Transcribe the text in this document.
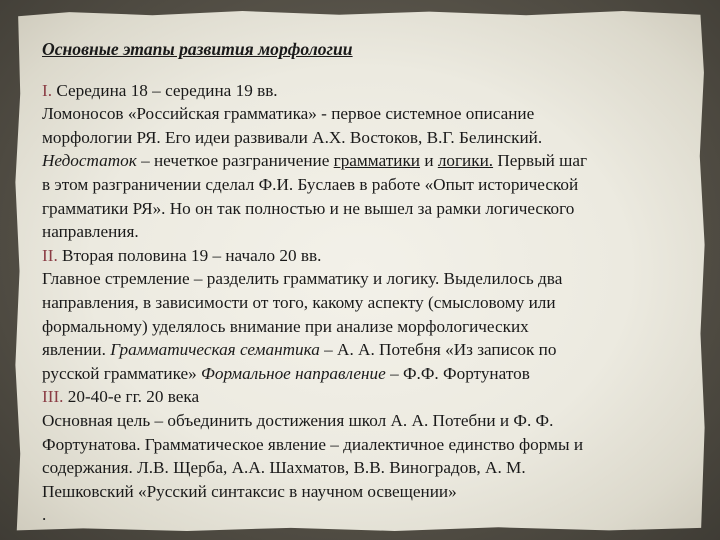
Основные этапы развития морфологии
I. Середина 18 – середина 19 вв.
Ломоносов «Российская грамматика» - первое системное описание
морфологии РЯ. Его идеи развивали А.Х. Востоков, В.Г. Белинский.
Недостаток – нечеткое разграничение грамматики и логики. Первый шаг
в этом разграничении сделал Ф.И. Буслаев в работе «Опыт исторической
грамматики РЯ». Но он так полностью и не вышел за рамки логического
направления.
II. Вторая половина 19 – начало 20 вв.
Главное стремление – разделить грамматику и логику. Выделилось два
направления, в зависимости от того, какому аспекту (смысловому или
формальному) уделялось внимание при анализе морфологических
явлении. Грамматическая семантика – А. А. Потебня «Из записок по
русской грамматике» Формальное направление – Ф.Ф. Фортунатов
III. 20-40-е гг. 20 века
Основная цель – объединить достижения школ А. А. Потебни и Ф. Ф.
Фортунатова. Грамматическое явление – диалектичное единство формы и
содержания. Л.В. Щерба, А.А. Шахматов, В.В. Виноградов, А. М.
Пешковский «Русский синтаксис в научном освещении»
.
